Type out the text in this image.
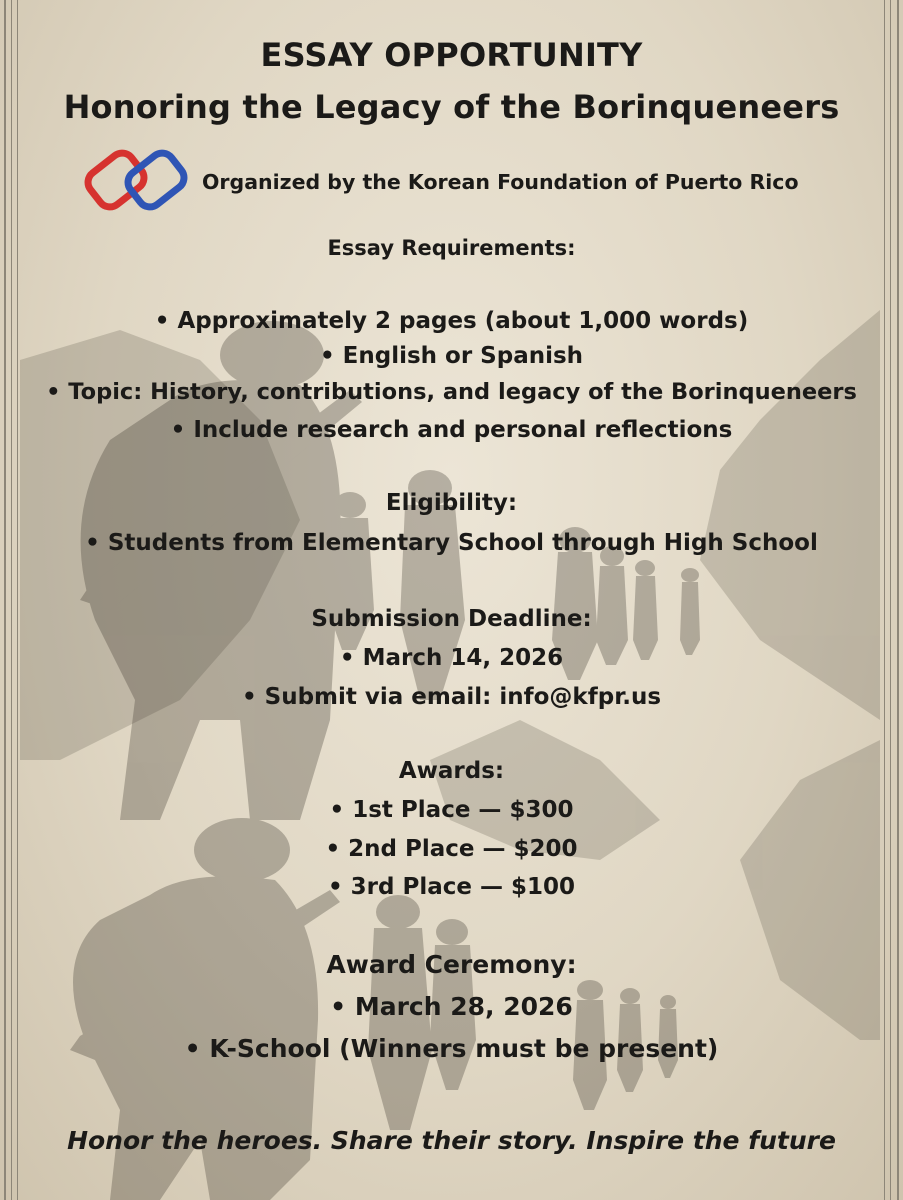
ESSAY OPPORTUNITY

Honoring the Legacy of the Borinqueneers

Organized by the Korean Foundation of Puerto Rico

Essay Requirements:

• Approximately 2 pages (about 1,000 words)

• English or Spanish

• Topic: History, contributions, and legacy of the Borinqueneers

• Include research and personal reflections

Eligibility:

• Students from Elementary School through High School

Submission Deadline:

• March 14, 2026

• Submit via email: info@kfpr.us

Awards:

• 1st Place — $300

• 2nd Place — $200

• 3rd Place — $100

Award Ceremony:

• March 28, 2026

• K-School (Winners must be present)

Honor the heroes. Share their story. Inspire the future
